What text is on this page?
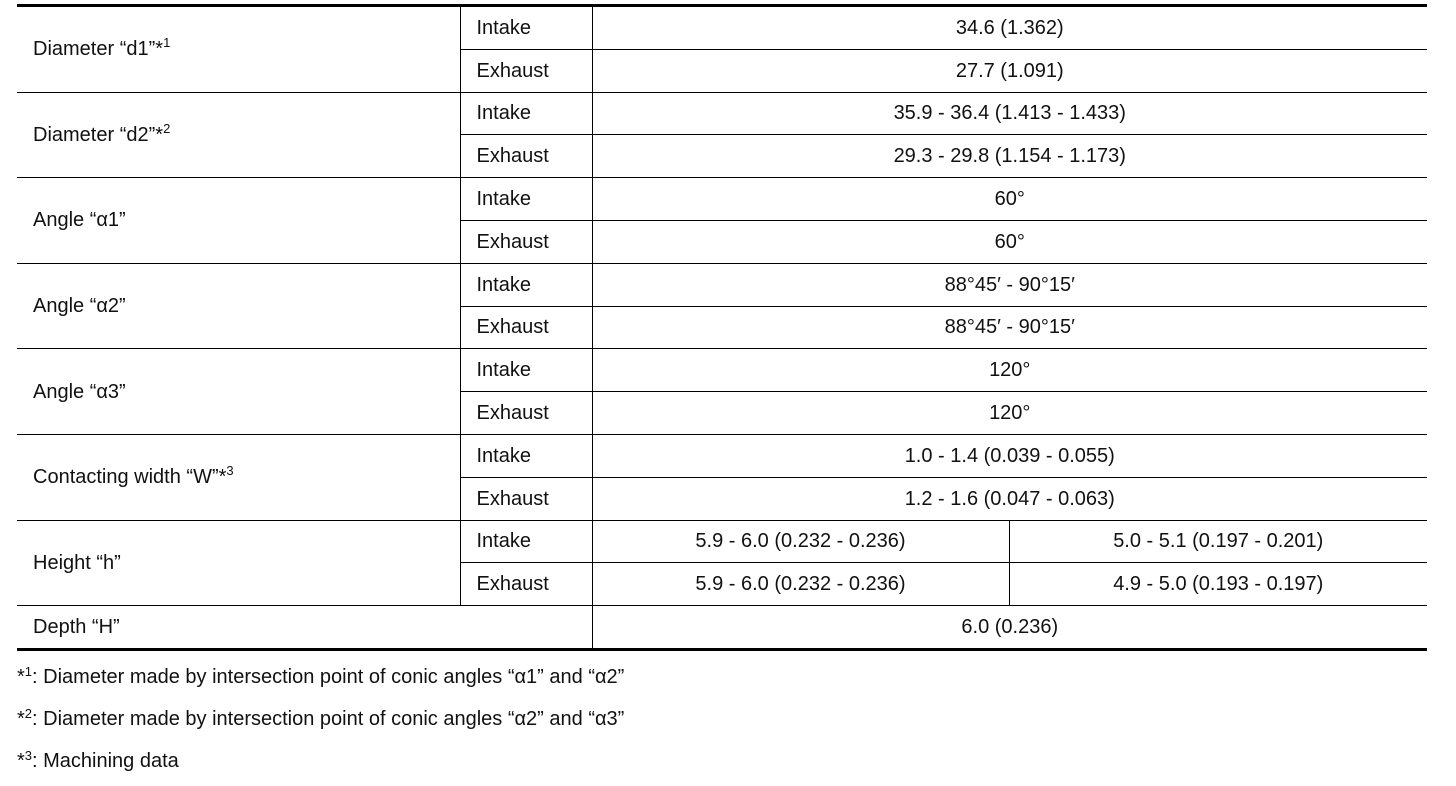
Diameter “d1”*$^1$	Intake	34.6 (1.362)	
	Exhaust	27.7 (1.091)	
Diameter “d2”*$^2$	Intake	35.9 - 36.4 (1.413 - 1.433)	
	Exhaust	29.3 - 29.8 (1.154 - 1.173)	
Angle “α1”	Intake	60°	
	Exhaust	60°	
Angle “α2”	Intake	88°45′ - 90°15′	
	Exhaust	88°45′ - 90°15′	
Angle “α3”	Intake	120°	
	Exhaust	120°	
Contacting width “W”*$^3$	Intake	1.0 - 1.4 (0.039 - 0.055)	
	Exhaust	1.2 - 1.6 (0.047 - 0.063)	
Height “h”	Intake	5.9 - 6.0 (0.232 - 0.236)	5.0 - 5.1 (0.197 - 0.201)
	Exhaust	5.9 - 6.0 (0.232 - 0.236)	4.9 - 5.0 (0.193 - 0.197)
Depth “H”		6.0 (0.236)	
*$^1$: Diameter made by intersection point of conic angles “α1” and “α2”
*$^2$: Diameter made by intersection point of conic angles “α2” and “α3”
*$^3$: Machining data
